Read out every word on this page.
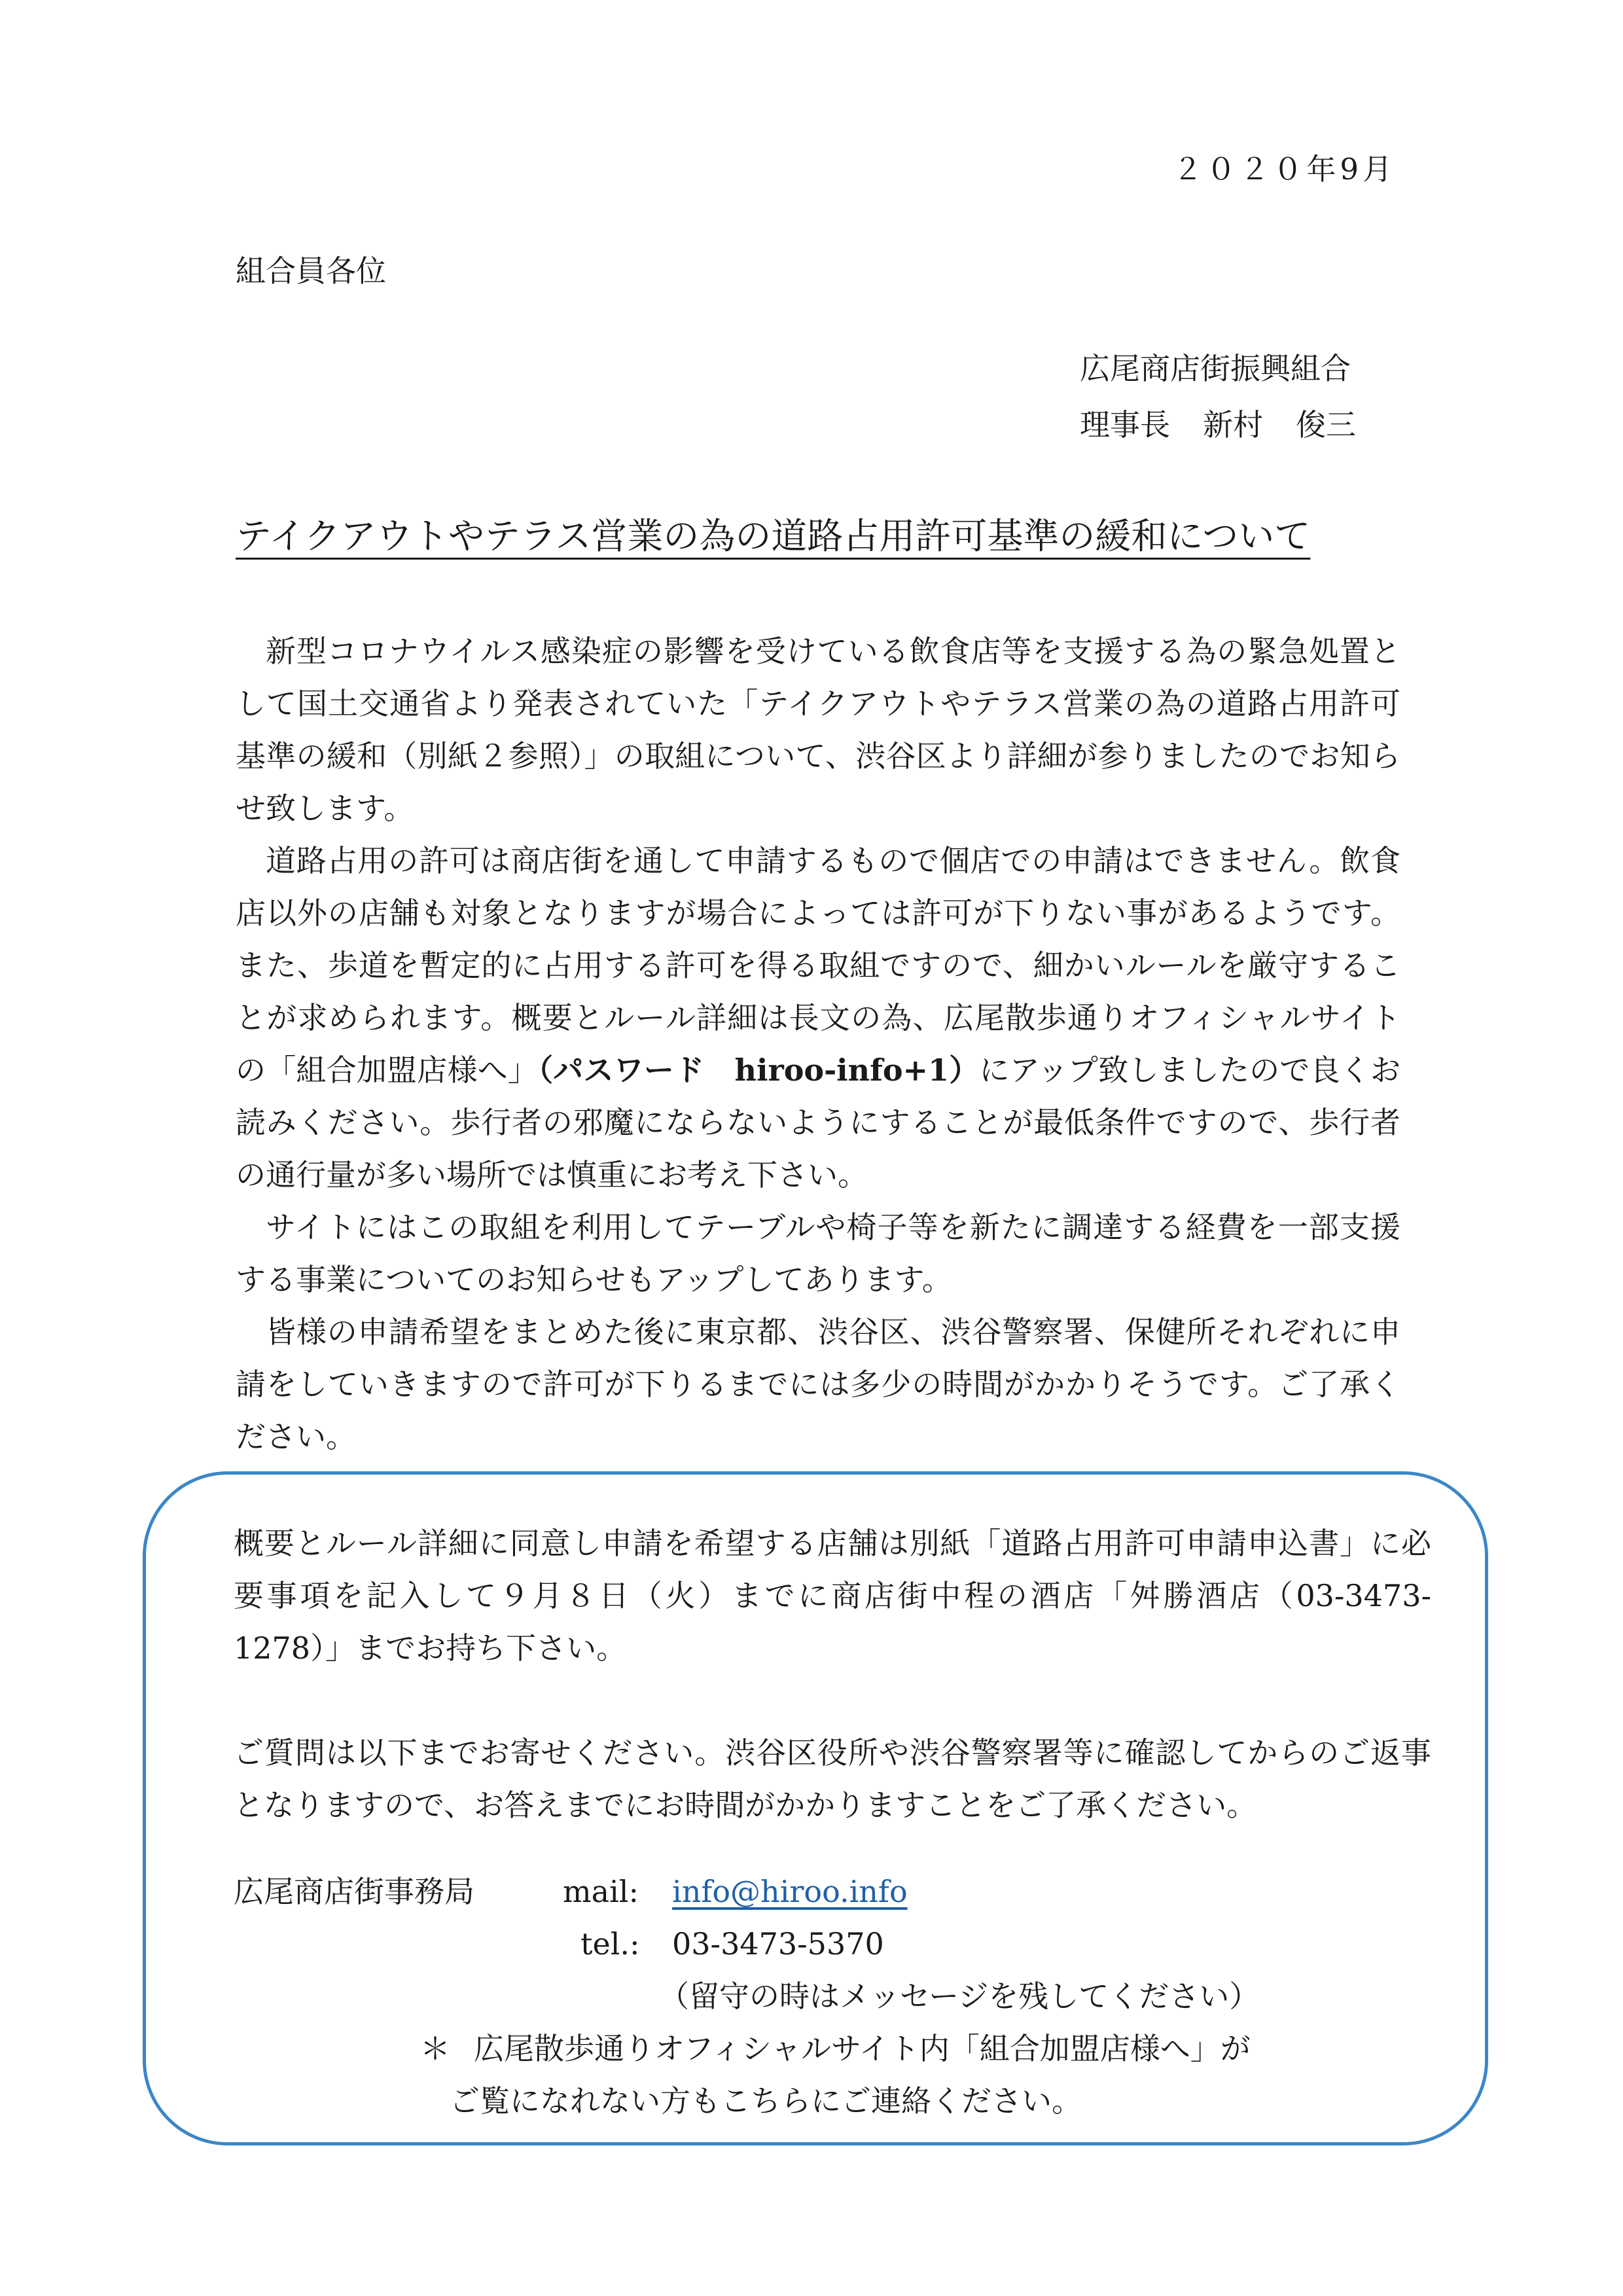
２０２０年9月
組合員各位
広尾商店街振興組合
理事長 新村 俊三
テイクアウトやテラス営業の為の道路占用許可基準の緩和について

新型コロナウイルス感染症の影響を受けている飲食店等を支援する為の緊急処置として国土交通省より発表されていた「テイクアウトやテラス営業の為の道路占用許可基準の緩和（別紙２参照）」の取組について、渋谷区より詳細が参りましたのでお知らせ致します。

道路占用の許可は商店街を通して申請するもので個店での申請はできません。飲食店以外の店舗も対象となりますが場合によっては許可が下りない事があるようです。また、歩道を暫定的に占用する許可を得る取組ですので、細かいルールを厳守することが求められます。概要とルール詳細は長文の為、広尾散歩通りオフィシャルサイトの「組合加盟店様へ」（パスワード　hiroo-info+1）にアップ致しましたので良くお読みください。歩行者の邪魔にならないようにすることが最低条件ですので、歩行者の通行量が多い場所では慎重にお考え下さい。

サイトにはこの取組を利用してテーブルや椅子等を新たに調達する経費を一部支援する事業についてのお知らせもアップしてあります。

皆様の申請希望をまとめた後に東京都、渋谷区、渋谷警察署、保健所それぞれに申請をしていきますので許可が下りるまでには多少の時間がかかりそうです。ご了承ください。

概要とルール詳細に同意し申請を希望する店舗は別紙「道路占用許可申請申込書」に必要事項を記入して９月８日（火）までに商店街中程の酒店「舛勝酒店（03-3473-1278）」までお持ち下さい。

ご質問は以下までお寄せください。渋谷区役所や渋谷警察署等に確認してからのご返事となりますので、お答えまでにお時間がかかりますことをご了承ください。

広尾商店街事務局	mail: info@hiroo.info
tel.: 03-3473-5370
（留守の時はメッセージを残してください）
＊ 広尾散歩通りオフィシャルサイト内「組合加盟店様へ」が
ご覧になれない方もこちらにご連絡ください。
